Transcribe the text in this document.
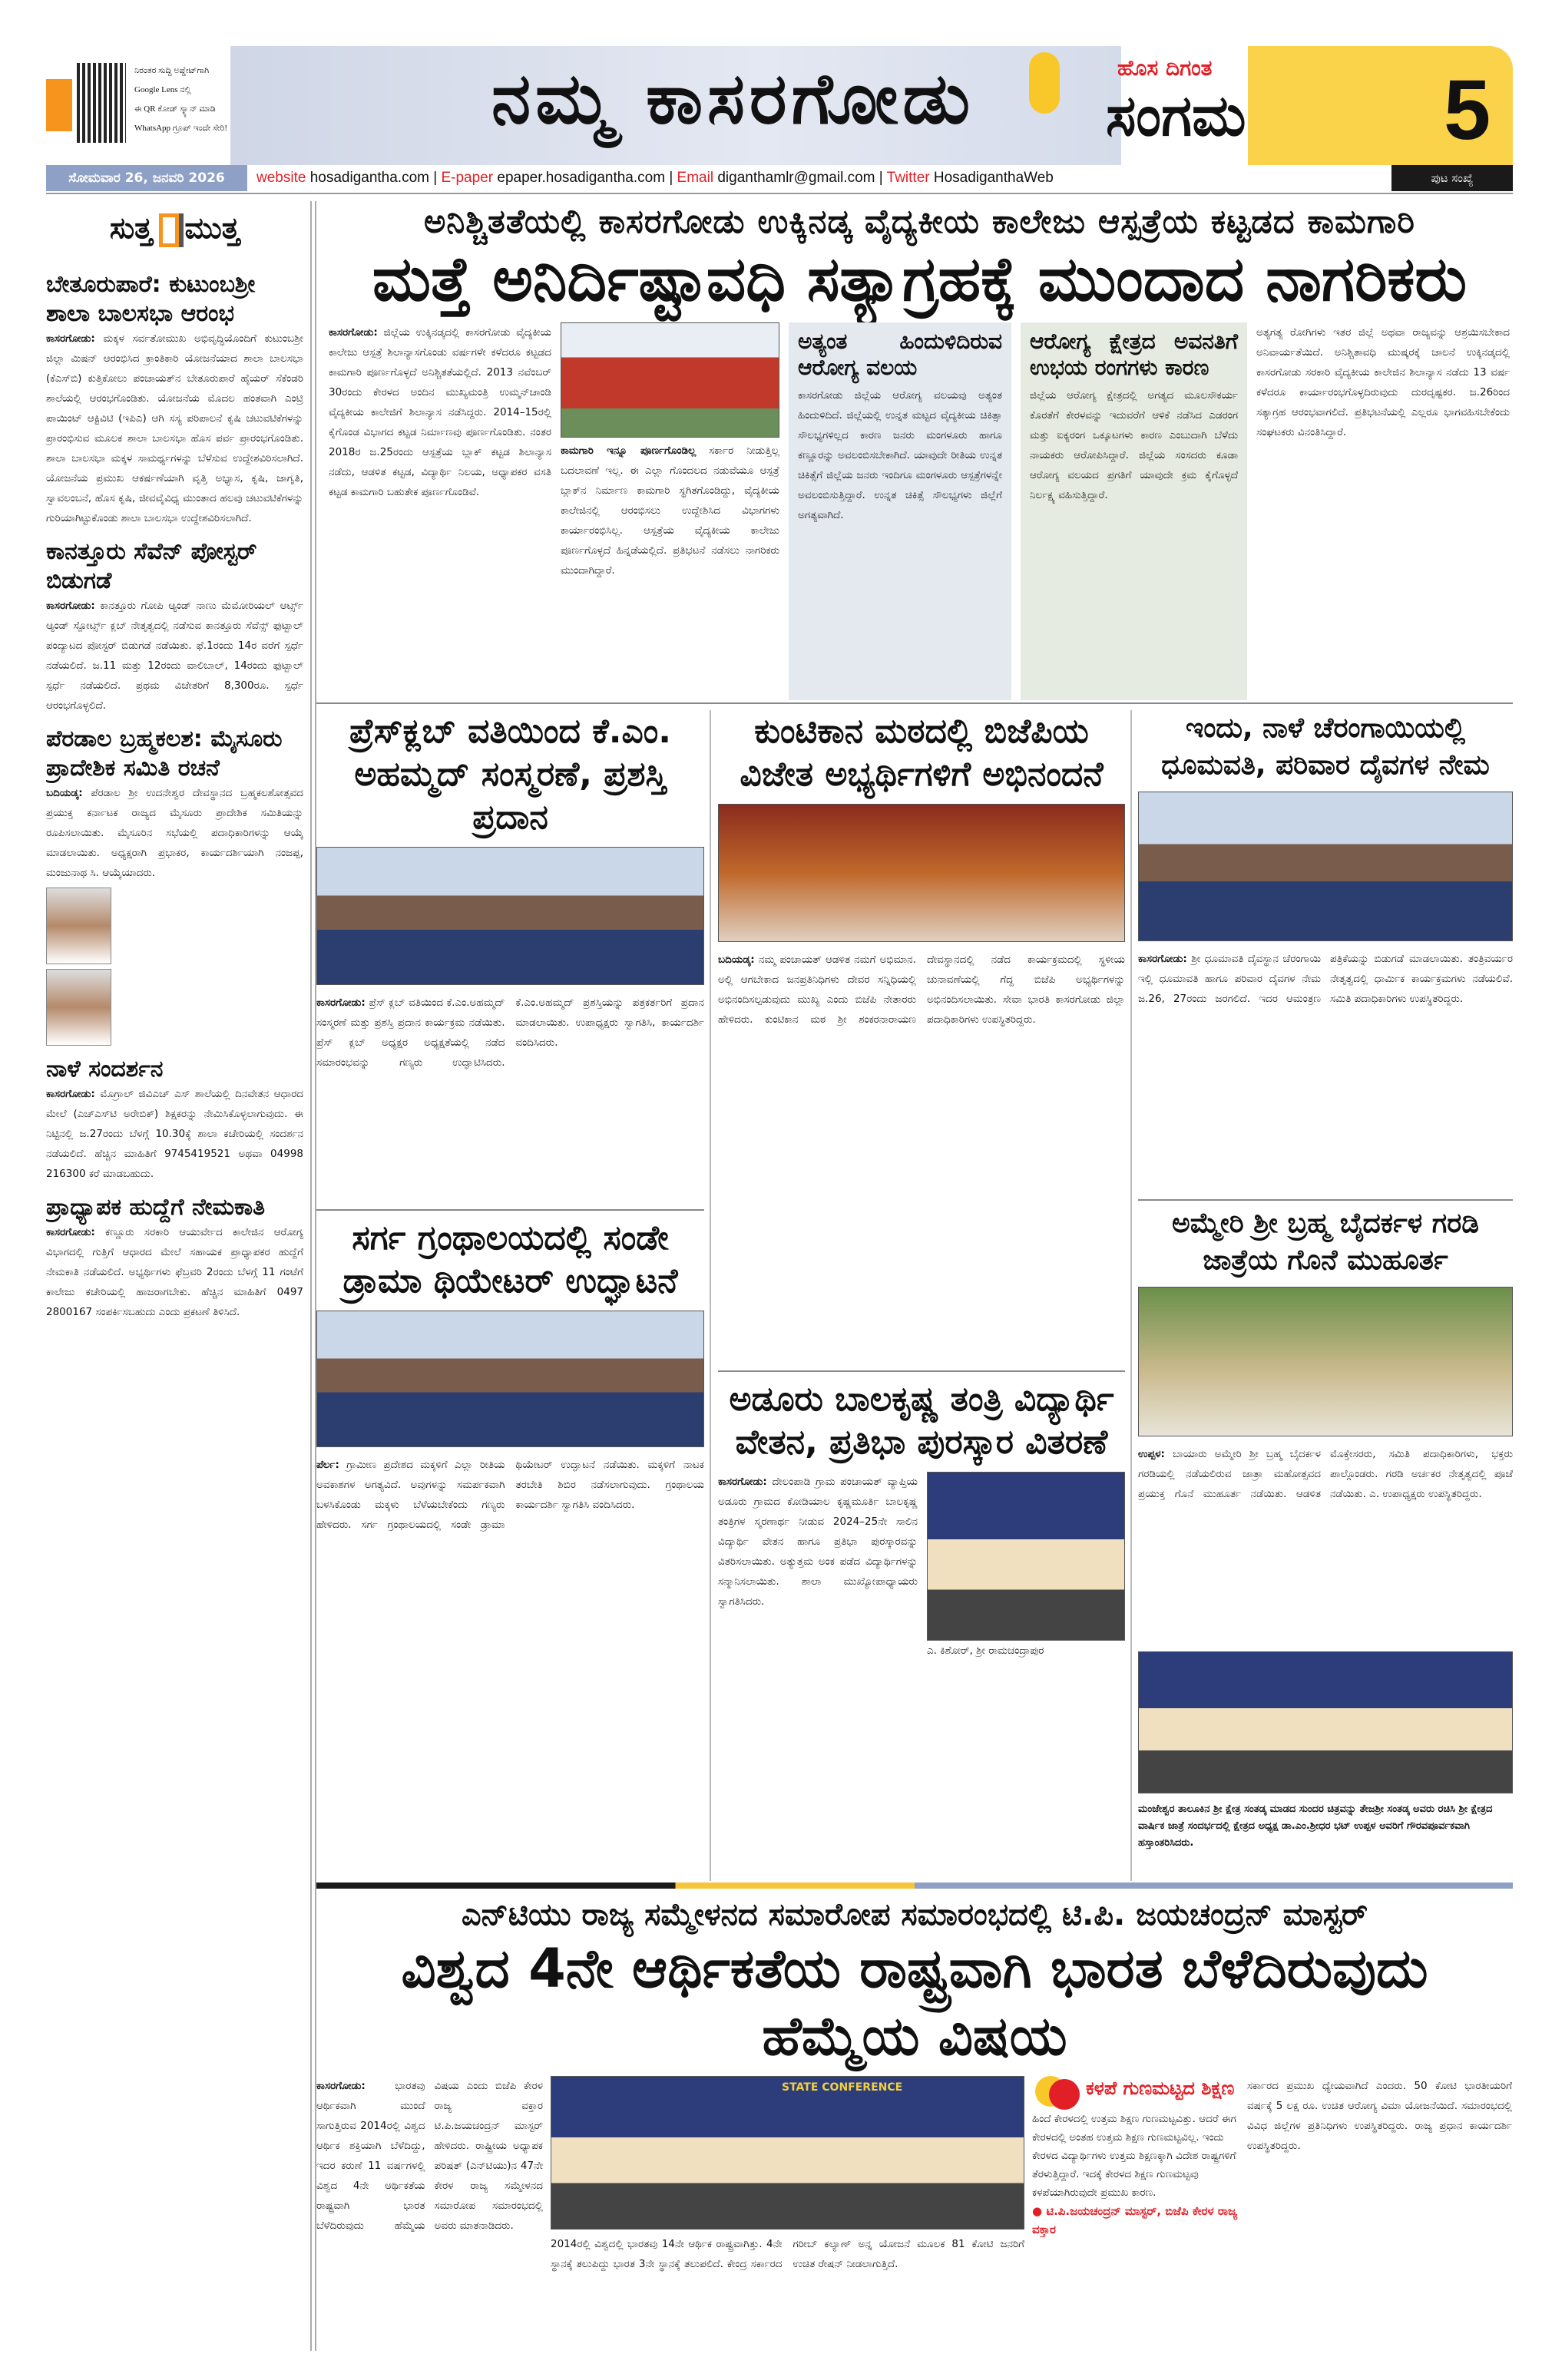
ನಿರಂತರ ಸುದ್ದಿ ಅಪ್ಡೇಟ್‌ಗಾಗಿ
Google Lens ನಲ್ಲಿ
ಈ QR ಕೋಡ್ ಸ್ಕ್ಯಾನ್ ಮಾಡಿ
WhatsApp ಗ್ರೂಪ್ ಇಂದೇ ಸೇರಿ!	ನಮ್ಮ ಕಾಸರಗೋಡು	ಹೊಸ ದಿಗಂತ
ಸಂಗಮ 5
ಸೋಮವಾರ 26, ಜನವರಿ 2026	website hosadigantha.com | E-paper epaper.hosadigantha.com | Email diganthamlr@gmail.com | Twitter HosadiganthaWeb	ಪುಟ ಸಂಖ್ಯೆ
ಸುತ್ತ ಮುತ್ತ
ಬೇತೂರುಪಾರೆ: ಕುಟುಂಬಶ್ರೀ ಶಾಲಾ ಬಾಲಸಭಾ ಆರಂಭ
ಕಾಸರಗೋಡು: ಮಕ್ಕಳ ಸರ್ವತೋಮುಖ ಅಭಿವೃದ್ಧಿಯೊಂದಿಗೆ ಕುಟುಂಬಶ್ರೀ ಜಿಲ್ಲಾ ಮಿಷನ್ ಆರಂಭಿಸಿದ ಕ್ರಾಂತಿಕಾರಿ ಯೋಜನೆಯಾದ ಶಾಲಾ ಬಾಲಸಭಾ (ಕೆಎಸ್‌ಬಿ) ಕುತ್ತಿಕೋಲು ಪಂಚಾಯತ್‌ನ ಬೇತೂರುಪಾರೆ ಹೈಯರ್ ಸೆಕೆಂಡರಿ ಶಾಲೆಯಲ್ಲಿ ಆರಂಭಗೊಂಡಿತು. ಯೋಜನೆಯ ಮೊದಲ ಹಂತವಾಗಿ ಎಂಟ್ರಿ ಪಾಯಿಂಟ್ ಆಕ್ಟಿವಿಟಿ (ಇಪಿಎ) ಆಗಿ ಸಸ್ಯ ಪರಿಪಾಲನೆ ಕೃಷಿ ಚಟುವಟಿಕೆಗಳನ್ನು ಪ್ರಾರಂಭಿಸುವ ಮೂಲಕ ಶಾಲಾ ಬಾಲಸಭಾ ಹೊಸ ಪರ್ವ ಪ್ರಾರಂಭಗೊಂಡಿತು. ಶಾಲಾ ಬಾಲಸಭಾ ಮಕ್ಕಳ ಸಾಮರ್ಥ್ಯಗಳನ್ನು ಬೆಳೆಸುವ ಉದ್ದೇಶವಿರಿಸಲಾಗಿದೆ. ಯೋಜನೆಯ ಪ್ರಮುಖ ಆಕರ್ಷಣೆಯಾಗಿ ವೃತ್ತಿ ಅಭ್ಯಾಸ, ಕೃಷಿ, ಜಾಗೃತಿ, ಸ್ವಾವಲಂಬನೆ, ಹೊಸ ಕೃಷಿ, ಜೀವವೈವಿಧ್ಯ ಮುಂತಾದ ಹಲವು ಚಟುವಟಿಕೆಗಳನ್ನು ಗುರಿಯಾಗಿಟ್ಟುಕೊಂಡು ಶಾಲಾ ಬಾಲಸಭಾ ಉದ್ದೇಶವಿರಿಸಲಾಗಿದೆ.
ಕಾನತ್ತೂರು ಸೆವೆನ್ ಪೋಸ್ಟರ್ ಬಿಡುಗಡೆ
ಕಾಸರಗೋಡು: ಕಾನತ್ತೂರು ಗೋಪಿ ಆ್ಯಂಡ್ ನಾಣು ಮೆಮೋರಿಯಲ್ ಆರ್ಟ್ಸ್ ಆ್ಯಂಡ್ ಸ್ಪೋರ್ಟ್ಸ್ ಕ್ಲಬ್ ನೇತೃತ್ವದಲ್ಲಿ ನಡೆಸುವ ಕಾನತ್ತೂರು ಸೆವೆನ್ಸ್ ಫುಟ್ಬಾಲ್ ಪಂದ್ಯಾಟದ ಪೋಸ್ಟರ್ ಬಿಡುಗಡೆ ನಡೆಯಿತು. ಫೆ.1ರಂದು 14ರ ವರೆಗೆ ಸ್ಪರ್ಧೆ ನಡೆಯಲಿದೆ. ಜ.11 ಮತ್ತು 12ರಂದು ವಾಲಿಬಾಲ್, 14ರಂದು ಫುಟ್ಬಾಲ್ ಸ್ಪರ್ಧೆ ನಡೆಯಲಿದೆ. ಪ್ರಥಮ ವಿಜೇತರಿಗೆ 8,300ರೂ. ಸ್ಪರ್ಧೆ ಆರಂಭಗೊಳ್ಳಲಿದೆ.
ಪೆರಡಾಲ ಬ್ರಹ್ಮಕಲಶ: ಮೈಸೂರು ಪ್ರಾದೇಶಿಕ ಸಮಿತಿ ರಚನೆ
ಬದಿಯಡ್ಕ: ಪೆರಡಾಲ ಶ್ರೀ ಉದನೇಶ್ವರ ದೇವಸ್ಥಾನದ ಬ್ರಹ್ಮಕಲಶೋತ್ಸವದ ಪ್ರಯುಕ್ತ ಕರ್ನಾಟಕ ರಾಜ್ಯದ ಮೈಸೂರು ಪ್ರಾದೇಶಿಕ ಸಮಿತಿಯನ್ನು ರೂಪಿಸಲಾಯಿತು. ಮೈಸೂರಿನ ಸಭೆಯಲ್ಲಿ ಪದಾಧಿಕಾರಿಗಳನ್ನು ಆಯ್ಕೆ ಮಾಡಲಾಯಿತು. ಅಧ್ಯಕ್ಷರಾಗಿ ಪ್ರಭಾಕರ, ಕಾರ್ಯದರ್ಶಿಯಾಗಿ ನಂಜಪ್ಪ, ಮಂಜುನಾಥ ಸಿ. ಆಯ್ಕೆಯಾದರು.
ನಾಳೆ ಸಂದರ್ಶನ
ಕಾಸರಗೋಡು: ಮೊಗ್ರಾಲ್ ಜಿವಿಎಚ್ ಎಸ್ ಶಾಲೆಯಲ್ಲಿ ದಿನವೇತನ ಆಧಾರದ ಮೇಲೆ (ಎಚ್‌ಎಸ್‌ಟಿ ಅರೇಬಿಕ್) ಶಿಕ್ಷಕರನ್ನು ನೇಮಿಸಿಕೊಳ್ಳಲಾಗುವುದು. ಈ ನಿಟ್ಟಿನಲ್ಲಿ ಜ.27ರಂದು ಬೆಳಗ್ಗೆ 10.30ಕ್ಕೆ ಶಾಲಾ ಕಚೇರಿಯಲ್ಲಿ ಸಂದರ್ಶನ ನಡೆಯಲಿದೆ. ಹೆಚ್ಚಿನ ಮಾಹಿತಿಗೆ 9745419521 ಅಥವಾ 04998 216300 ಕರೆ ಮಾಡಬಹುದು.
ಪ್ರಾಧ್ಯಾಪಕ ಹುದ್ದೆಗೆ ನೇಮಕಾತಿ
ಕಾಸರಗೋಡು: ಕಣ್ಣೂರು ಸರಕಾರಿ ಆಯುರ್ವೇದ ಕಾಲೇಜಿನ ಆರೋಗ್ಯ ವಿಭಾಗದಲ್ಲಿ ಗುತ್ತಿಗೆ ಆಧಾರದ ಮೇಲೆ ಸಹಾಯಕ ಪ್ರಾಧ್ಯಾಪಕರ ಹುದ್ದೆಗೆ ನೇಮಕಾತಿ ನಡೆಯಲಿದೆ. ಅಭ್ಯರ್ಥಿಗಳು ಫೆಬ್ರವರಿ 2ರಂದು ಬೆಳಗ್ಗೆ 11 ಗಂಟೆಗೆ ಕಾಲೇಜು ಕಚೇರಿಯಲ್ಲಿ ಹಾಜರಾಗಬೇಕು. ಹೆಚ್ಚಿನ ಮಾಹಿತಿಗೆ 0497 2800167 ಸಂಪರ್ಕಿಸಬಹುದು ಎಂದು ಪ್ರಕಟಣೆ ತಿಳಿಸಿದೆ.
ಅನಿಶ್ಚಿತತೆಯಲ್ಲಿ ಕಾಸರಗೋಡು ಉಕ್ಕಿನಡ್ಕ ವೈದ್ಯಕೀಯ ಕಾಲೇಜು ಆಸ್ಪತ್ರೆಯ ಕಟ್ಟಡದ ಕಾಮಗಾರಿ
ಮತ್ತೆ ಅನಿರ್ದಿಷ್ಟಾವಧಿ ಸತ್ಯಾಗ್ರಹಕ್ಕೆ ಮುಂದಾದ ನಾಗರಿಕರು
ಕಾಸರಗೋಡು: ಜಿಲ್ಲೆಯ ಉಕ್ಕಿನಡ್ಕದಲ್ಲಿ ಕಾಸರಗೋಡು ವೈದ್ಯಕೀಯ ಕಾಲೇಜು ಆಸ್ಪತ್ರೆ ಶಿಲಾನ್ಯಾಸಗೊಂಡು ವರ್ಷಗಳೇ ಕಳೆದರೂ ಕಟ್ಟಡದ ಕಾಮಗಾರಿ ಪೂರ್ಣಗೊಳ್ಳದೆ ಅನಿಶ್ಚಿತತೆಯಲ್ಲಿದೆ. 2013 ನವೆಂಬರ್ 30ರಂದು ಕೇರಳದ ಅಂದಿನ ಮುಖ್ಯಮಂತ್ರಿ ಉಮ್ಮನ್‌ಚಾಂಡಿ ವೈದ್ಯಕೀಯ ಕಾಲೇಜಿಗೆ ಶಿಲಾನ್ಯಾಸ ನಡೆಸಿದ್ದರು. 2014–15ರಲ್ಲಿ ಕೈಗೊಂಡ ವಿಭಾಗದ ಕಟ್ಟಡ ನಿರ್ಮಾಣವು ಪೂರ್ಣಗೊಂಡಿತು. ನಂತರ 2018ರ ಜ.25ರಂದು ಆಸ್ಪತ್ರೆಯ ಬ್ಲಾಕ್ ಕಟ್ಟಡ ಶಿಲಾನ್ಯಾಸ ನಡೆದು, ಆಡಳಿತ ಕಟ್ಟಡ, ವಿದ್ಯಾರ್ಥಿ ನಿಲಯ, ಅಧ್ಯಾಪಕರ ವಸತಿ ಕಟ್ಟಡ ಕಾಮಗಾರಿ ಬಹುತೇಕ ಪೂರ್ಣಗೊಂಡಿವೆ.
ಕಾಮಗಾರಿ ಇನ್ನೂ ಪೂರ್ಣಗೊಂಡಿಲ್ಲ ಸರ್ಕಾರ ನೀಡುತ್ತಿಲ್ಲ ಬದಲಾವಣೆ ಇಲ್ಲ. ಈ ಎಲ್ಲಾ ಗೊಂದಲದ ನಡುವೆಯೂ ಆಸ್ಪತ್ರೆ ಬ್ಲಾಕ್‌ನ ನಿರ್ಮಾಣ ಕಾಮಗಾರಿ ಸ್ಥಗಿತಗೊಂಡಿದ್ದು, ವೈದ್ಯಕೀಯ ಕಾಲೇಜಿನಲ್ಲಿ ಆರಂಭಿಸಲು ಉದ್ದೇಶಿಸಿದ ವಿಭಾಗಗಳು ಕಾರ್ಯಾರಂಭಿಸಿಲ್ಲ. ಆಸ್ಪತ್ರೆಯ ವೈದ್ಯಕೀಯ ಕಾಲೇಜು ಪೂರ್ಣಗೊಳ್ಳದೆ ಹಿನ್ನಡೆಯಲ್ಲಿದೆ. ಪ್ರತಿಭಟನೆ ನಡೆಸಲು ನಾಗರಿಕರು ಮುಂದಾಗಿದ್ದಾರೆ.
ಅತ್ಯಂತ ಹಿಂದುಳಿದಿರುವ ಆರೋಗ್ಯ ವಲಯ
ಕಾಸರಗೋಡು ಜಿಲ್ಲೆಯ ಆರೋಗ್ಯ ವಲಯವು ಅತ್ಯಂತ ಹಿಂದುಳಿದಿದೆ. ಜಿಲ್ಲೆಯಲ್ಲಿ ಉನ್ನತ ಮಟ್ಟದ ವೈದ್ಯಕೀಯ ಚಿಕಿತ್ಸಾ ಸೌಲಭ್ಯಗಳಿಲ್ಲದ ಕಾರಣ ಜನರು ಮಂಗಳೂರು ಹಾಗೂ ಕಣ್ಣೂರನ್ನು ಅವಲಂಬಿಸಬೇಕಾಗಿದೆ. ಯಾವುದೇ ರೀತಿಯ ಉನ್ನತ ಚಿಕಿತ್ಸೆಗೆ ಜಿಲ್ಲೆಯ ಜನರು ಇಂದಿಗೂ ಮಂಗಳೂರು ಆಸ್ಪತ್ರೆಗಳನ್ನೇ ಅವಲಂಬಿಸುತ್ತಿದ್ದಾರೆ. ಉನ್ನತ ಚಿಕಿತ್ಸೆ ಸೌಲಭ್ಯಗಳು ಜಿಲ್ಲೆಗೆ ಅಗತ್ಯವಾಗಿದೆ.
ಆರೋಗ್ಯ ಕ್ಷೇತ್ರದ ಅವನತಿಗೆ ಉಭಯ ರಂಗಗಳು ಕಾರಣ
ಜಿಲ್ಲೆಯ ಆರೋಗ್ಯ ಕ್ಷೇತ್ರದಲ್ಲಿ ಅಗತ್ಯದ ಮೂಲಸೌಕರ್ಯ ಕೊರತೆಗೆ ಕೇರಳವನ್ನು ಇದುವರೆಗೆ ಆಳಿಕೆ ನಡೆಸಿದ ಎಡರಂಗ ಮತ್ತು ಐಕ್ಯರಂಗ ಒಕ್ಕೂಟಗಳು ಕಾರಣ ಎಂಬುದಾಗಿ ಬೆಳೆದು ನಾಯಕರು ಆರೋಪಿಸಿದ್ದಾರೆ. ಜಿಲ್ಲೆಯ ಸಂಸದರು ಕೂಡಾ ಆರೋಗ್ಯ ವಲಯದ ಪ್ರಗತಿಗೆ ಯಾವುದೇ ಕ್ರಮ ಕೈಗೊಳ್ಳದೆ ನಿರ್ಲಕ್ಷ್ಯ ವಹಿಸುತ್ತಿದ್ದಾರೆ.
ಅತ್ಯಗತ್ಯ ರೋಗಿಗಳು ಇತರ ಜಿಲ್ಲೆ ಅಥವಾ ರಾಜ್ಯವನ್ನು ಆಶ್ರಯಿಸಬೇಕಾದ ಅನಿವಾರ್ಯತೆಯಿದೆ. ಅನಿಶ್ಚಿತಾವಧಿ ಮುಷ್ಕರಕ್ಕೆ ಚಾಲನೆ ಉಕ್ಕಿನಡ್ಕದಲ್ಲಿ ಕಾಸರಗೋಡು ಸರಕಾರಿ ವೈದ್ಯಕೀಯ ಕಾಲೇಜಿನ ಶಿಲಾನ್ಯಾಸ ನಡೆದು 13 ವರ್ಷ ಕಳೆದರೂ ಕಾರ್ಯಾರಂಭಗೊಳ್ಳದಿರುವುದು ದುರದೃಷ್ಟಕರ. ಜ.26ರಿಂದ ಸತ್ಯಾಗ್ರಹ ಆರಂಭವಾಗಲಿದೆ. ಪ್ರತಿಭಟನೆಯಲ್ಲಿ ಎಲ್ಲರೂ ಭಾಗವಹಿಸಬೇಕೆಂದು ಸಂಘಟಕರು ವಿನಂತಿಸಿದ್ದಾರೆ.
ಪ್ರೆಸ್‌ಕ್ಲಬ್ ವತಿಯಿಂದ ಕೆ.ಎಂ. ಅಹಮ್ಮದ್ ಸಂಸ್ಮರಣೆ, ಪ್ರಶಸ್ತಿ ಪ್ರದಾನ
ಕಾಸರಗೋಡು: ಪ್ರೆಸ್ ಕ್ಲಬ್ ವತಿಯಿಂದ ಕೆ.ಎಂ.ಅಹಮ್ಮದ್ ಸಂಸ್ಮರಣೆ ಮತ್ತು ಪ್ರಶಸ್ತಿ ಪ್ರದಾನ ಕಾರ್ಯಕ್ರಮ ನಡೆಯಿತು. ಪ್ರೆಸ್ ಕ್ಲಬ್ ಅಧ್ಯಕ್ಷರ ಅಧ್ಯಕ್ಷತೆಯಲ್ಲಿ ನಡೆದ ಸಮಾರಂಭವನ್ನು ಗಣ್ಯರು ಉದ್ಘಾಟಿಸಿದರು. ಕೆ.ಎಂ.ಅಹಮ್ಮದ್ ಪ್ರಶಸ್ತಿಯನ್ನು ಪತ್ರಕರ್ತರಿಗೆ ಪ್ರದಾನ ಮಾಡಲಾಯಿತು. ಉಪಾಧ್ಯಕ್ಷರು ಸ್ವಾಗತಿಸಿ, ಕಾರ್ಯದರ್ಶಿ ವಂದಿಸಿದರು.
ಸರ್ಗ ಗ್ರಂಥಾಲಯದಲ್ಲಿ ಸಂಡೇ ಡ್ರಾಮಾ ಥಿಯೇಟರ್ ಉದ್ಘಾಟನೆ
ಪೆರ್ಲ: ಗ್ರಾಮೀಣ ಪ್ರದೇಶದ ಮಕ್ಕಳಿಗೆ ಎಲ್ಲಾ ರೀತಿಯ ಅವಕಾಶಗಳ ಅಗತ್ಯವಿದೆ. ಅವುಗಳನ್ನು ಸಮರ್ಪಕವಾಗಿ ಬಳಸಿಕೊಂಡು ಮಕ್ಕಳು ಬೆಳೆಯಬೇಕೆಂದು ಗಣ್ಯರು ಹೇಳಿದರು. ಸರ್ಗ ಗ್ರಂಥಾಲಯದಲ್ಲಿ ಸಂಡೇ ಡ್ರಾಮಾ ಥಿಯೇಟರ್ ಉದ್ಘಾಟನೆ ನಡೆಯಿತು. ಮಕ್ಕಳಿಗೆ ನಾಟಕ ತರಬೇತಿ ಶಿಬಿರ ನಡೆಸಲಾಗುವುದು. ಗ್ರಂಥಾಲಯ ಕಾರ್ಯದರ್ಶಿ ಸ್ವಾಗತಿಸಿ ವಂದಿಸಿದರು.
ಕುಂಟಿಕಾನ ಮಠದಲ್ಲಿ ಬಿಜೆಪಿಯ ವಿಜೇತ ಅಭ್ಯರ್ಥಿಗಳಿಗೆ ಅಭಿನಂದನೆ
ಬದಿಯಡ್ಕ: ನಮ್ಮ ಪಂಚಾಯತ್ ಆಡಳಿತ ನಮಗೆ ಅಭಿಮಾನ. ಅಲ್ಲಿ ಆಗಬೇಕಾದ ಜನಪ್ರತಿನಿಧಿಗಳು ದೇವರ ಸನ್ನಿಧಿಯಲ್ಲಿ ಅಭಿನಂದಿಸಲ್ಪಡುವುದು ಮುಖ್ಯ ಎಂದು ಬಿಜೆಪಿ ನೇತಾರರು ಹೇಳಿದರು. ಕುಂಟಿಕಾನ ಮಠ ಶ್ರೀ ಶಂಕರನಾರಾಯಣ ದೇವಸ್ಥಾನದಲ್ಲಿ ನಡೆದ ಕಾರ್ಯಕ್ರಮದಲ್ಲಿ ಸ್ಥಳೀಯ ಚುನಾವಣೆಯಲ್ಲಿ ಗೆದ್ದ ಬಿಜೆಪಿ ಅಭ್ಯರ್ಥಿಗಳನ್ನು ಅಭಿನಂದಿಸಲಾಯಿತು. ಸೇವಾ ಭಾರತಿ ಕಾಸರಗೋಡು ಜಿಲ್ಲಾ ಪದಾಧಿಕಾರಿಗಳು ಉಪಸ್ಥಿತರಿದ್ದರು.
ಅಡೂರು ಬಾಲಕೃಷ್ಣ ತಂತ್ರಿ ವಿದ್ಯಾರ್ಥಿ ವೇತನ, ಪ್ರತಿಭಾ ಪುರಸ್ಕಾರ ವಿತರಣೆ
ಕಾಸರಗೋಡು: ದೇಲಂಪಾಡಿ ಗ್ರಾಮ ಪಂಚಾಯತ್ ವ್ಯಾಪ್ತಿಯ ಅಡೂರು ಗ್ರಾಮದ ಕೋಡಿಯಾಲ ಕೃಷ್ಣಮೂರ್ತಿ ಬಾಲಕೃಷ್ಣ ತಂತ್ರಿಗಳ ಸ್ಮರಣಾರ್ಥ ನೀಡುವ 2024–25ನೇ ಸಾಲಿನ ವಿದ್ಯಾರ್ಥಿ ವೇತನ ಹಾಗೂ ಪ್ರತಿಭಾ ಪುರಸ್ಕಾರವನ್ನು ವಿತರಿಸಲಾಯಿತು. ಅತ್ಯುತ್ತಮ ಅಂಕ ಪಡೆದ ವಿದ್ಯಾರ್ಥಿಗಳನ್ನು ಸನ್ಮಾನಿಸಲಾಯಿತು. ಶಾಲಾ ಮುಖ್ಯೋಪಾಧ್ಯಾಯರು ಸ್ವಾಗತಿಸಿದರು.
ಎ. ಕಿಶೋರ್, ಶ್ರೀ ರಾಮಚಂದ್ರಾಪುರ
ಇಂದು, ನಾಳೆ ಚೆರಂಗಾಯಿಯಲ್ಲಿ ಧೂಮವತಿ, ಪರಿವಾರ ದೈವಗಳ ನೇಮ
ಕಾಸರಗೋಡು: ಶ್ರೀ ಧೂಮಾವತಿ ದೈವಸ್ಥಾನ ಚೆರಂಗಾಯಿ ಇಲ್ಲಿ ಧೂಮಾವತಿ ಹಾಗೂ ಪರಿವಾರ ದೈವಗಳ ನೇಮ ಜ.26, 27ರಂದು ಜರಗಲಿದೆ. ಇದರ ಆಮಂತ್ರಣ ಪತ್ರಿಕೆಯನ್ನು ಬಿಡುಗಡೆ ಮಾಡಲಾಯಿತು. ತಂತ್ರಿವರ್ಯರ ನೇತೃತ್ವದಲ್ಲಿ ಧಾರ್ಮಿಕ ಕಾರ್ಯಕ್ರಮಗಳು ನಡೆಯಲಿವೆ. ಸಮಿತಿ ಪದಾಧಿಕಾರಿಗಳು ಉಪಸ್ಥಿತರಿದ್ದರು.
ಅಮ್ಮೇರಿ ಶ್ರೀ ಬ್ರಹ್ಮ ಬೈದರ್ಕಳ ಗರಡಿ ಜಾತ್ರೆಯ ಗೊನೆ ಮುಹೂರ್ತ
ಉಪ್ಪಳ: ಬಾಯಾರು ಅಮ್ಮೇರಿ ಶ್ರೀ ಬ್ರಹ್ಮ ಬೈದರ್ಕಳ ಗರಡಿಯಲ್ಲಿ ನಡೆಯಲಿರುವ ಜಾತ್ರಾ ಮಹೋತ್ಸವದ ಪ್ರಯುಕ್ತ ಗೊನೆ ಮುಹೂರ್ತ ನಡೆಯಿತು. ಆಡಳಿತ ಮೊಕ್ತೇಸರರು, ಸಮಿತಿ ಪದಾಧಿಕಾರಿಗಳು, ಭಕ್ತರು ಪಾಲ್ಗೊಂಡರು. ಗರಡಿ ಅರ್ಚಕರ ನೇತೃತ್ವದಲ್ಲಿ ಪೂಜೆ ನಡೆಯಿತು. ಎ. ಉಪಾಧ್ಯಕ್ಷರು ಉಪಸ್ಥಿತರಿದ್ದರು.
ಮಂಜೇಶ್ವರ ತಾಲೂಕಿನ ಶ್ರೀ ಕ್ಷೇತ್ರ ಸಂತಡ್ಕ ಮಾಡದ ಸುಂದರ ಚಿತ್ರವನ್ನು ತೇಜಶ್ರೀ ಸಂತಡ್ಕ ಅವರು ರಚಿಸಿ ಶ್ರೀ ಕ್ಷೇತ್ರದ ವಾರ್ಷಿಕ ಜಾತ್ರೆ ಸಂದರ್ಭದಲ್ಲಿ ಕ್ಷೇತ್ರದ ಅಧ್ಯಕ್ಷ ಡಾ.ಎಂ.ಶ್ರೀಧರ ಭಟ್ ಉಪ್ಪಳ ಅವರಿಗೆ ಗೌರವಪೂರ್ವಕವಾಗಿ ಹಸ್ತಾಂತರಿಸಿದರು.
ಎನ್‌ಟಿಯು ರಾಜ್ಯ ಸಮ್ಮೇಳನದ ಸಮಾರೋಪ ಸಮಾರಂಭದಲ್ಲಿ ಟಿ.ಪಿ. ಜಯಚಂದ್ರನ್ ಮಾಸ್ಟರ್
ವಿಶ್ವದ 4ನೇ ಆರ್ಥಿಕತೆಯ ರಾಷ್ಟ್ರವಾಗಿ ಭಾರತ ಬೆಳೆದಿರುವುದು ಹೆಮ್ಮೆಯ ವಿಷಯ
ಕಾಸರಗೋಡು:	ಭಾರತವು ಆರ್ಥಿಕವಾಗಿ ಮುಂದೆ ಸಾಗುತ್ತಿರುವ 2014ರಲ್ಲಿ ವಿಶ್ವದ ಆರ್ಥಿಕ ಶಕ್ತಿಯಾಗಿ ಬೆಳೆದಿದ್ದು, ಇದರ ಕರುಣೆ 11 ವರ್ಷಗಳಲ್ಲಿ ವಿಶ್ವದ 4ನೇ ಆರ್ಥಿಕತೆಯ ರಾಷ್ಟ್ರವಾಗಿ ಭಾರತ ಬೆಳೆದಿರುವುದು ಹೆಮ್ಮೆಯ ವಿಷಯ ಎಂದು ಬಿಜೆಪಿ ಕೇರಳ ರಾಜ್ಯ ವಕ್ತಾರ ಟಿ.ಪಿ.ಜಯಚಂದ್ರನ್ ಮಾಸ್ಟರ್ ಹೇಳಿದರು. ರಾಷ್ಟ್ರೀಯ ಅಧ್ಯಾಪಕ ಪರಿಷತ್ (ಎನ್‌ಟಿಯು)ನ 47ನೇ ಕೇರಳ ರಾಜ್ಯ ಸಮ್ಮೇಳನದ ಸಮಾರೋಪ ಸಮಾರಂಭದಲ್ಲಿ ಅವರು ಮಾತನಾಡಿದರು.
STATE CONFERENCE
2014ರಲ್ಲಿ ವಿಶ್ವದಲ್ಲಿ ಭಾರತವು 14ನೇ ಆರ್ಥಿಕ ರಾಷ್ಟ್ರವಾಗಿತ್ತು. 4ನೇ ಸ್ಥಾನಕ್ಕೆ ತಲುಪಿದ್ದು ಭಾರತ 3ನೇ ಸ್ಥಾನಕ್ಕೆ ತಲುಪಲಿದೆ. ಕೇಂದ್ರ ಸರ್ಕಾರದ ಗರೀಬ್ ಕಲ್ಯಾಣ್ ಅನ್ನ ಯೋಜನೆ ಮೂಲಕ 81 ಕೋಟಿ ಜನರಿಗೆ ಉಚಿತ ರೇಷನ್ ನೀಡಲಾಗುತ್ತಿದೆ.
ಕಳಪೆ ಗುಣಮಟ್ಟದ ಶಿಕ್ಷಣ
ಹಿಂದೆ ಕೇರಳದಲ್ಲಿ ಉತ್ತಮ ಶಿಕ್ಷಣ ಗುಣಮಟ್ಟವಿತ್ತು. ಆದರೆ ಈಗ ಕೇರಳದಲ್ಲಿ ಅಂತಹ ಉತ್ತಮ ಶಿಕ್ಷಣ ಗುಣಮಟ್ಟವಿಲ್ಲ. ಇಂದು ಕೇರಳದ ವಿದ್ಯಾರ್ಥಿಗಳು ಉತ್ತಮ ಶಿಕ್ಷಣಕ್ಕಾಗಿ ವಿದೇಶ ರಾಷ್ಟ್ರಗಳಿಗೆ ತೆರಳುತ್ತಿದ್ದಾರೆ. ಇದಕ್ಕೆ ಕೇರಳದ ಶಿಕ್ಷಣ ಗುಣಮಟ್ಟವು ಕಳಪೆಯಾಗಿರುವುದೇ ಪ್ರಮುಖ ಕಾರಣ.
● ಟಿ.ಪಿ.ಜಯಚಂದ್ರನ್ ಮಾಸ್ಟರ್, ಬಿಜೆಪಿ ಕೇರಳ ರಾಜ್ಯ ವಕ್ತಾರ
ಸರ್ಕಾರದ ಪ್ರಮುಖ ಧ್ಯೇಯವಾಗಿದೆ ಎಂದರು. 50 ಕೋಟಿ ಭಾರತೀಯರಿಗೆ ವರ್ಷಕ್ಕೆ 5 ಲಕ್ಷ ರೂ. ಉಚಿತ ಆರೋಗ್ಯ ವಿಮಾ ಯೋಜನೆಯಿದೆ. ಸಮಾರಂಭದಲ್ಲಿ ವಿವಿಧ ಜಿಲ್ಲೆಗಳ ಪ್ರತಿನಿಧಿಗಳು ಉಪಸ್ಥಿತರಿದ್ದರು. ರಾಜ್ಯ ಪ್ರಧಾನ ಕಾರ್ಯದರ್ಶಿ ಉಪಸ್ಥಿತರಿದ್ದರು.
